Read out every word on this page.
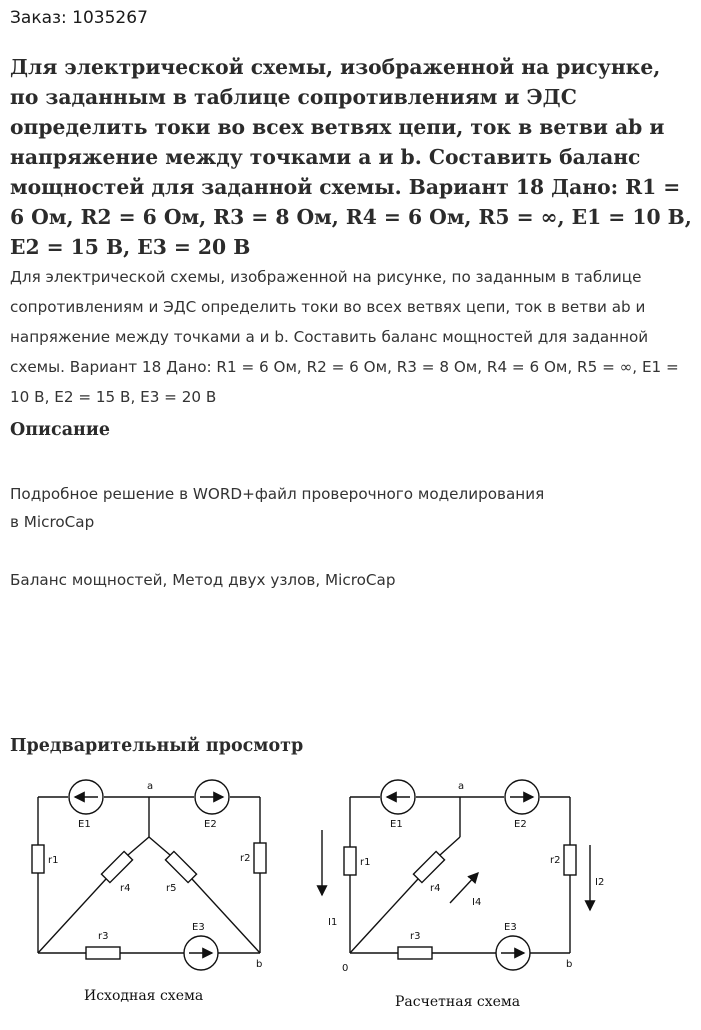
Заказ: 1035267
Для электрической схемы, изображенной на рисунке, по заданным в таблице сопротивлениям и ЭДС определить токи во всех ветвях цепи, ток в ветви ab и напряжение между точками a и b. Составить баланс мощностей для заданной схемы. Вариант 18 Дано: R1 = 6 Ом, R2 = 6 Ом, R3 = 8 Ом, R4 = 6 Ом, R5 = ∞, E1 = 10 В, E2 = 15 В, E3 = 20 В

Для электрической схемы, изображенной на рисунке, по заданным в таблице сопротивлениям и ЭДС определить токи во всех ветвях цепи, ток в ветви ab и напряжение между точками a и b. Составить баланс мощностей для заданной схемы. Вариант 18 Дано: R1 = 6 Ом, R2 = 6 Ом, R3 = 8 Ом, R4 = 6 Ом, R5 = ∞, E1 = 10 В, E2 = 15 В, E3 = 20 В

Описание

Подробное решение в WORD+файл проверочного моделирования

в MicroCap

Баланс мощностей, Метод двух узлов, MicroCap

Предварительный просмотр
a
b
E1	E2
E3
r1	r2
r3
r4	r5
Исходная схема
a
b
0
E1	E2
E3
r1	r2
r3
r4
I1
I2
I4
Расчетная схема
